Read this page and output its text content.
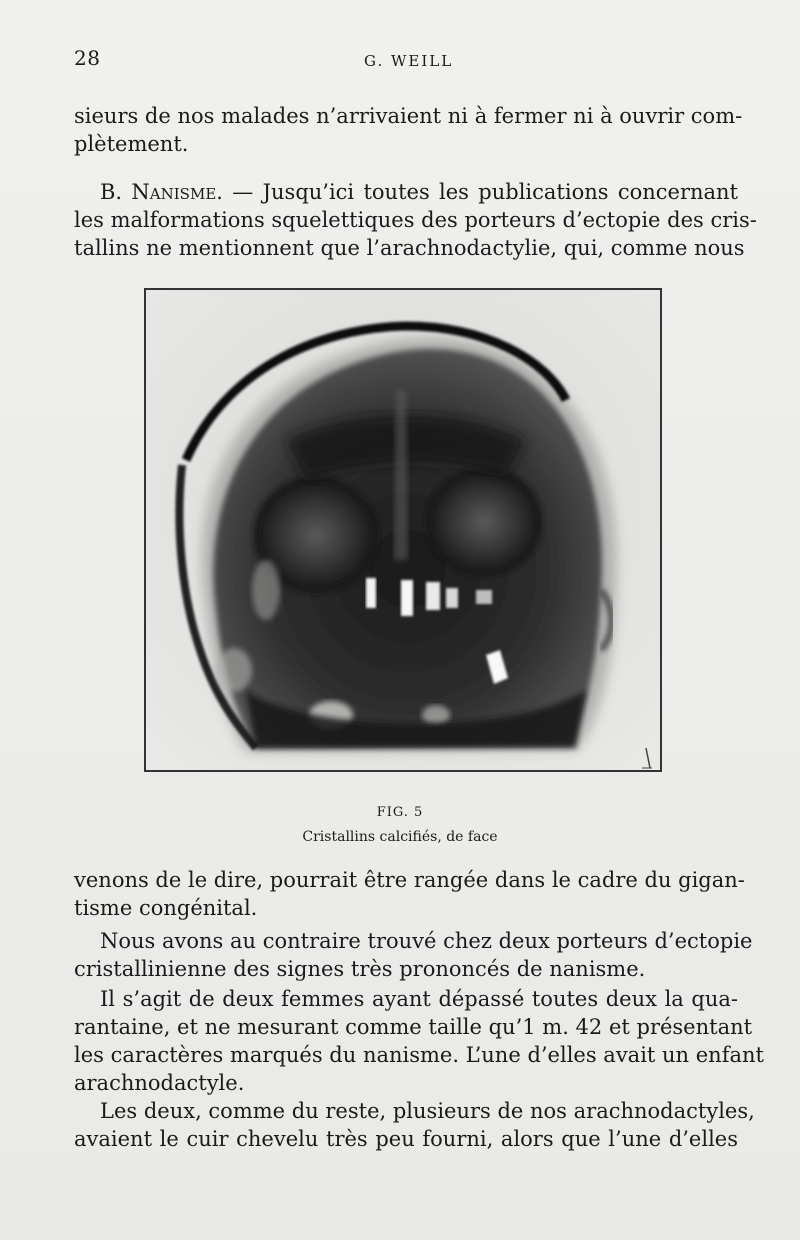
28	G. WEILL
sieurs de nos malades n’arrivaient ni à fermer ni à ouvrir com-
plètement.
B. Nanisme. — Jusqu’ici toutes les publications concernant
les malformations squelettiques des porteurs d’ectopie des cris-
tallins ne mentionnent que l’arachnodactylie, qui, comme nous
FIG. 5
Cristallins calcifiés, de face
venons de le dire, pourrait être rangée dans le cadre du gigan-
tisme congénital.
Nous avons au contraire trouvé chez deux porteurs d’ectopie
cristallinienne des signes très prononcés de nanisme.
Il s’agit de deux femmes ayant dépassé toutes deux la qua-
rantaine, et ne mesurant comme taille qu’1 m. 42 et présentant
les caractères marqués du nanisme. L’une d’elles avait un enfant
arachnodactyle.
Les deux, comme du reste, plusieurs de nos arachnodactyles,
avaient le cuir chevelu très peu fourni, alors que l’une d’elles
